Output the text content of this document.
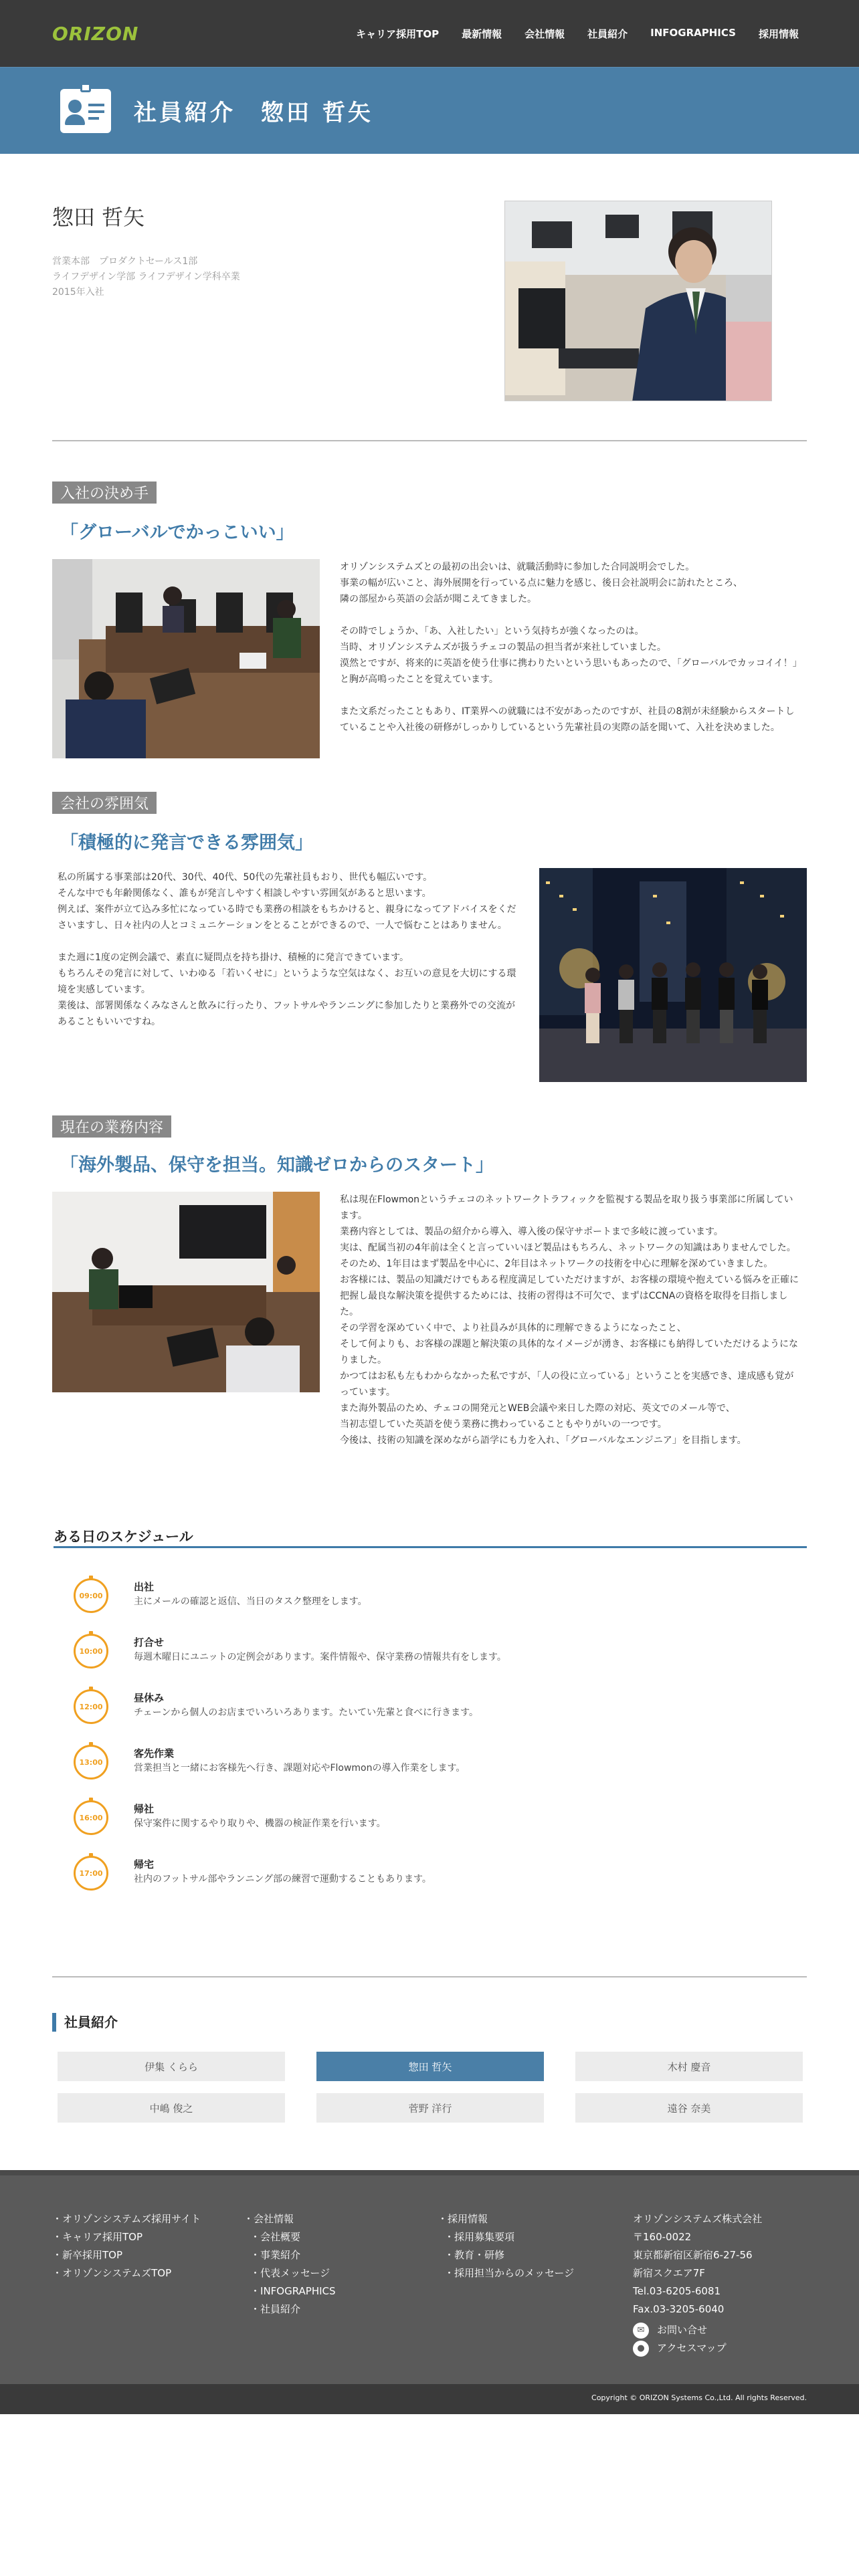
ORIZON	キャリア採用TOP 最新情報 会社情報 社員紹介 INFOGRAPHICS 採用情報
社員紹介　惣田 哲矢
惣田 哲矢
営業本部　プロダクトセールス1部
ライフデザイン学部 ライフデザイン学科卒業
2015年入社
入社の決め手
「グローバルでかっこいい」

オリゾンシステムズとの最初の出会いは、就職活動時に参加した合同説明会でした。
事業の幅が広いこと、海外展開を行っている点に魅力を感じ、後日会社説明会に訪れたところ、
隣の部屋から英語の会話が聞こえてきました。

その時でしょうか、「あ、入社したい」という気持ちが強くなったのは。
当時、オリゾンシステムズが扱うチェコの製品の担当者が来社していました。
漠然とですが、将来的に英語を使う仕事に携わりたいという思いもあったので、「グローバルでカッコイイ！」と胸が高鳴ったことを覚えています。

また文系だったこともあり、IT業界への就職には不安があったのですが、社員の8割が未経験からスタートしていることや入社後の研修がしっかりしているという先輩社員の実際の話を聞いて、入社を決めました。

会社の雰囲気
「積極的に発言できる雰囲気」

私の所属する事業部は20代、30代、40代、50代の先輩社員もおり、世代も幅広いです。
そんな中でも年齢関係なく、誰もが発言しやすく相談しやすい雰囲気があると思います。
例えば、案件が立て込み多忙になっている時でも業務の相談をもちかけると、親身になってアドバイスをくださいますし、日々社内の人とコミュニケーションをとることができるので、一人で悩むことはありません。

また週に1度の定例会議で、素直に疑問点を持ち掛け、積極的に発言できています。
もちろんその発言に対して、いわゆる「若いくせに」というような空気はなく、お互いの意見を大切にする環境を実感しています。
業後は、部署関係なくみなさんと飲みに行ったり、フットサルやランニングに参加したりと業務外での交流があることもいいですね。

現在の業務内容
「海外製品、保守を担当。知識ゼロからのスタート」
私は現在Flowmonというチェコのネットワークトラフィックを監視する製品を取り扱う事業部に所属しています。
業務内容としては、製品の紹介から導入、導入後の保守サポートまで多岐に渡っています。
実は、配属当初の4年前は全くと言っていいほど製品はもちろん、ネットワークの知識はありませんでした。
そのため、1年目はまず製品を中心に、2年目はネットワークの技術を中心に理解を深めていきました。
お客様には、製品の知識だけでもある程度満足していただけますが、お客様の環境や抱えている悩みを正確に把握し最良な解決策を提供するためには、技術の習得は不可欠で、まずはCCNAの資格を取得を目指しました。
その学習を深めていく中で、より社員みが具体的に理解できるようになったこと、
そして何よりも、お客様の課題と解決策の具体的なイメージが湧き、お客様にも納得していただけるようになりました。
かつてはお私も左もわからなかった私ですが、「人の役に立っている」ということを実感でき、達成感も覚がっています。
また海外製品のため、チェコの開発元とWEB会議や来日した際の対応、英文でのメール等で、
当初志望していた英語を使う業務に携わっていることもやりがいの一つです。
今後は、技術の知識を深めながら語学にも力を入れ、「グローバルなエンジニア」を目指します。
ある日のスケジュール
09:00
出社
主にメールの確認と返信、当日のタスク整理をします。
10:00
打合せ
毎週木曜日にユニットの定例会があります。案件情報や、保守業務の情報共有をします。
12:00
昼休み
チェーンから個人のお店までいろいろあります。たいてい先輩と食べに行きます。
13:00
客先作業
営業担当と一緒にお客様先へ行き、課題対応やFlowmonの導入作業をします。
16:00
帰社
保守案件に関するやり取りや、機器の検証作業を行います。
17:00
帰宅
社内のフットサル部やランニング部の練習で運動することもあります。
社員紹介
伊集 くらら	惣田 哲矢	木村 慶音
中嶋 俊之	菅野 洋行	遠谷 奈美
・オリゾンシステムズ採用サイト
・キャリア採用TOP
・新卒採用TOP
・オリゾンシステムズTOP
・会社情報
・会社概要
・事業紹介
・代表メッセージ
・INFOGRAPHICS
・社員紹介
・採用情報
・採用募集要項
・教育・研修
・採用担当からのメッセージ
オリゾンシステムズ株式会社
〒160-0022
東京都新宿区新宿6-27-56
新宿スクエア7F
Tel.03-6205-6081
Fax.03-3205-6040
✉ お問い合せ
● アクセスマップ
Copyright © ORIZON Systems Co.,Ltd. All rights Reserved.
